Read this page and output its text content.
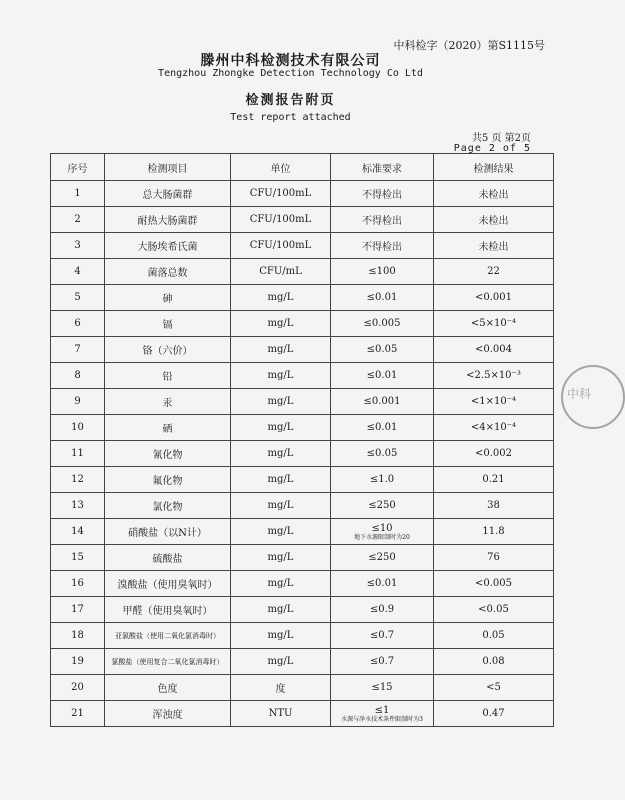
中科检字（2020）第S1115号
滕州中科检测技术有限公司
Tengzhou Zhongke Detection Technology Co Ltd
检测报告附页
Test report attached
共5 页 第2页
Page 2 of 5
序号	检测项目	单位	标准要求	检测结果
1	总大肠菌群	CFU/100mL	不得检出	未检出
2	耐热大肠菌群	CFU/100mL	不得检出	未检出
3	大肠埃希氏菌	CFU/100mL	不得检出	未检出
4	菌落总数	CFU/mL	≤100	22
5	砷	mg/L	≤0.01	<0.001
6	镉	mg/L	≤0.005	<5×10⁻⁴
7	铬（六价）	mg/L	≤0.05	<0.004
8	铅	mg/L	≤0.01	<2.5×10⁻³
9	汞	mg/L	≤0.001	<1×10⁻⁴
10	硒	mg/L	≤0.01	<4×10⁻⁴
11	氰化物	mg/L	≤0.05	<0.002
12	氟化物	mg/L	≤1.0	0.21
13	氯化物	mg/L	≤250	38
14	硝酸盐（以N计）	mg/L	≤10
地下水源限制时为20	11.8
15	硫酸盐	mg/L	≤250	76
16	溴酸盐（使用臭氧时）	mg/L	≤0.01	<0.005
17	甲醛（使用臭氧时）	mg/L	≤0.9	<0.05
18	亚氯酸盐（使用二氧化氯消毒时）	mg/L	≤0.7	0.05
19	氯酸盐（使用复合二氧化氯消毒时）	mg/L	≤0.7	0.08
20	色度	度	≤15	<5
21	浑浊度	NTU	≤1
水源与净水技术条件限制时为3	0.47
中科
